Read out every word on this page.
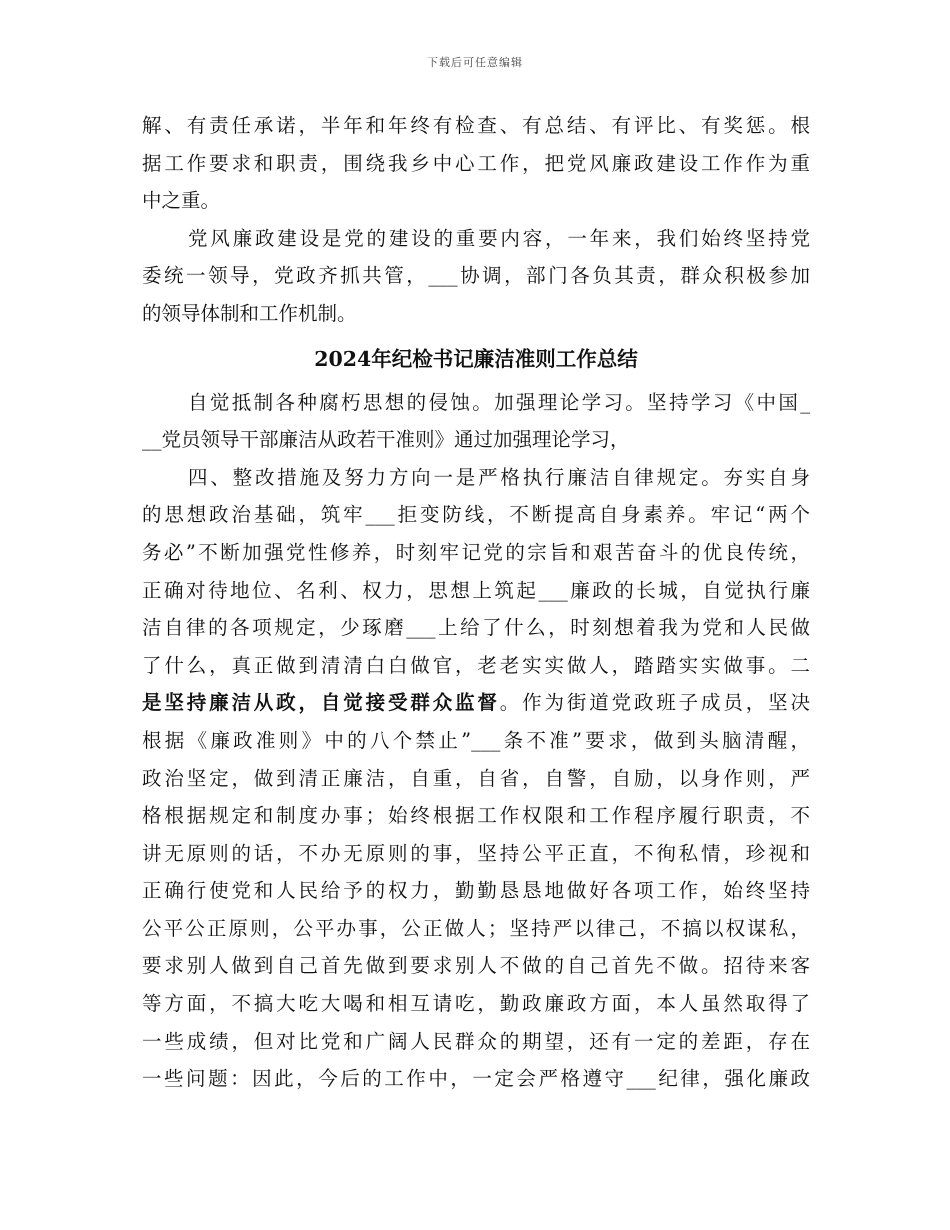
下载后可任意编辑
解、有责任承诺，半年和年终有检查、有总结、有评比、有奖惩。根
据工作要求和职责，围绕我乡中心工作，把党风廉政建设工作作为重
中之重。
党风廉政建设是党的建设的重要内容，一年来，我们始终坚持党
委统一领导，党政齐抓共管，___协调，部门各负其责，群众积极参加
的领导体制和工作机制。
2024年纪检书记廉洁准则工作总结
自觉抵制各种腐朽思想的侵蚀。加强理论学习。坚持学习《中国_
__党员领导干部廉洁从政若干准则》通过加强理论学习，
四、整改措施及努力方向一是严格执行廉洁自律规定。夯实自身
的思想政治基础，筑牢___拒变防线，不断提高自身素养。牢记“两个
务必”不断加强党性修养，时刻牢记党的宗旨和艰苦奋斗的优良传统，
正确对待地位、名利、权力，思想上筑起___廉政的长城，自觉执行廉
洁自律的各项规定，少琢磨___上给了什么，时刻想着我为党和人民做
了什么，真正做到清清白白做官，老老实实做人，踏踏实实做事。二
是坚持廉洁从政，自觉接受群众监督。作为街道党政班子成员，坚决
根据《廉政准则》中的八个禁止”___条不准”要求，做到头脑清醒，
政治坚定，做到清正廉洁，自重，自省，自警，自励，以身作则，严
格根据规定和制度办事；始终根据工作权限和工作程序履行职责，不
讲无原则的话，不办无原则的事，坚持公平正直，不徇私情，珍视和
正确行使党和人民给予的权力，勤勤恳恳地做好各项工作，始终坚持
公平公正原则，公平办事，公正做人；坚持严以律己，不搞以权谋私，
要求别人做到自己首先做到要求别人不做的自己首先不做。招待来客
等方面，不搞大吃大喝和相互请吃，勤政廉政方面，本人虽然取得了
一些成绩，但对比党和广阔人民群众的期望，还有一定的差距，存在
一些问题：因此，今后的工作中，一定会严格遵守___纪律，强化廉政
